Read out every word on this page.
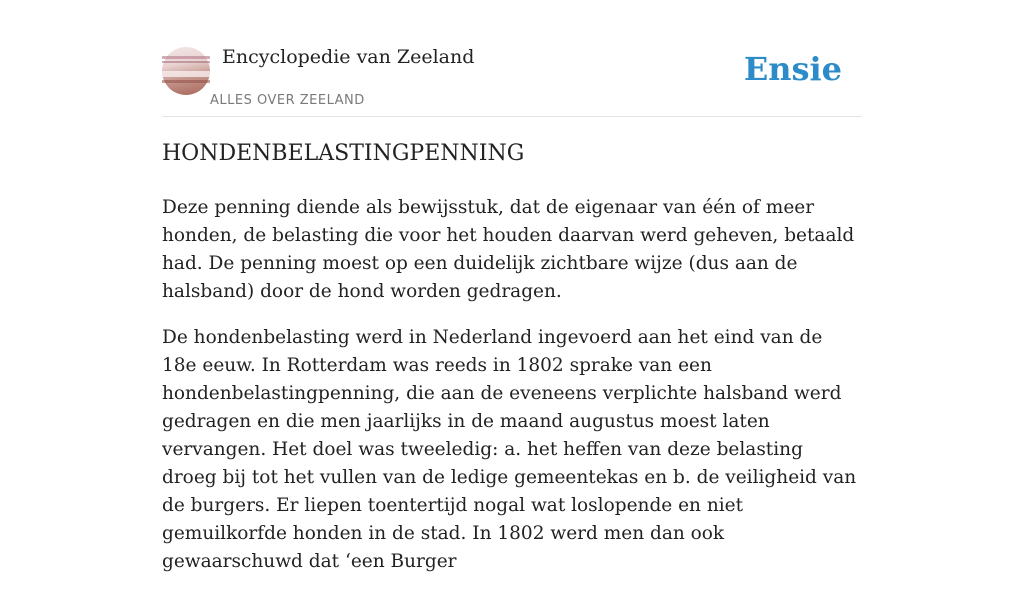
Encyclopedie van Zeeland
ALLES OVER ZEELAND
Ensie
HONDENBELASTINGPENNING

Deze penning diende als bewijsstuk, dat de eigenaar van één of meer honden, de belasting die voor het houden daarvan werd geheven, betaald had. De penning moest op een duidelijk zichtbare wijze (dus aan de halsband) door de hond worden gedragen.

De hondenbelasting werd in Nederland ingevoerd aan het eind van de 18e eeuw. In Rotterdam was reeds in 1802 sprake van een hondenbelastingpenning, die aan de eveneens verplichte halsband werd gedragen en die men jaarlijks in de maand augustus moest laten vervangen. Het doel was tweeledig: a. het heffen van deze belasting droeg bij tot het vullen van de ledige gemeentekas en b. de veiligheid van de burgers. Er liepen toentertijd nogal wat loslopende en niet gemuilkorfde honden in de stad. In 1802 werd men dan ook gewaarschuwd dat ‘een Burger
